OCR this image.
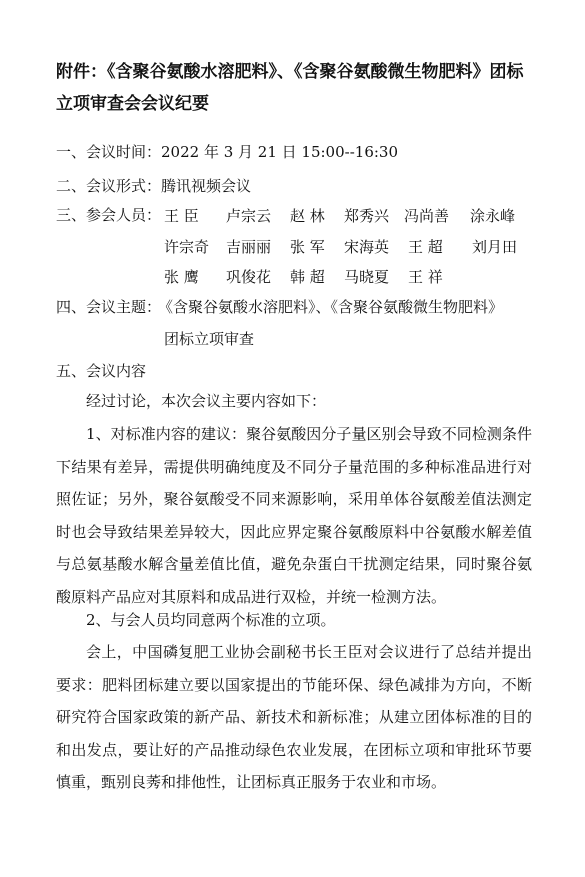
附件：《含聚谷氨酸水溶肥料》、《含聚谷氨酸微生物肥料》团标
立项审查会会议纪要
一、会议时间：2022 年 3 月 21 日 15:00--16:30
二、会议形式：腾讯视频会议
三、参会人员： 王 臣 卢宗云 赵 林 郑秀兴 冯尚善 涂永峰
许宗奇 吉丽丽 张 军 宋海英 王 超 刘月田
张 鹰 巩俊花 韩 超 马晓夏 王 祥
四、会议主题：
《含聚谷氨酸水溶肥料》、《含聚谷氨酸微生物肥料》
团标立项审查
五、会议内容
经过讨论，本次会议主要内容如下：
1、对标准内容的建议：聚谷氨酸因分子量区别会导致不同检测条件下结果有差异，需提供明确纯度及不同分子量范围的多种标准品进行对照佐证；另外，聚谷氨酸受不同来源影响，采用单体谷氨酸差值法测定时也会导致结果差异较大，因此应界定聚谷氨酸原料中谷氨酸水解差值与总氨基酸水解含量差值比值，避免杂蛋白干扰测定结果，同时聚谷氨酸原料产品应对其原料和成品进行双检，并统一检测方法。
2、与会人员均同意两个标准的立项。
会上，中国磷复肥工业协会副秘书长王臣对会议进行了总结并提出要求：肥料团标建立要以国家提出的节能环保、绿色减排为方向，不断研究符合国家政策的新产品、新技术和新标准；从建立团体标准的目的和出发点，要让好的产品推动绿色农业发展，在团标立项和审批环节要慎重，甄别良莠和排他性，让团标真正服务于农业和市场。
